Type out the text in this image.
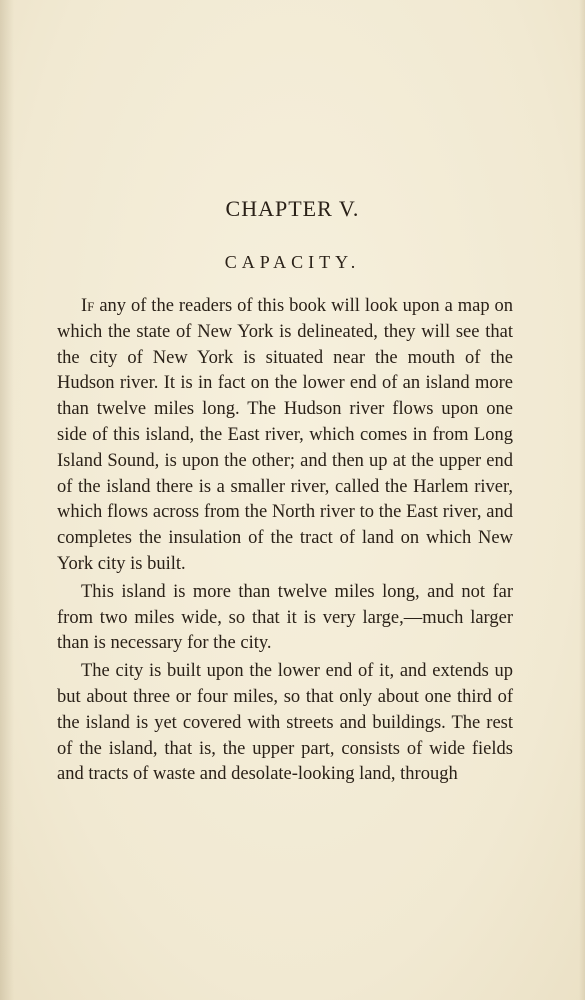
CHAPTER V.
CAPACITY.

If any of the readers of this book will look upon a map on which the state of New York is delineated, they will see that the city of New York is situated near the mouth of the Hudson river. It is in fact on the lower end of an island more than twelve miles long. The Hudson river flows upon one side of this island, the East river, which comes in from Long Island Sound, is upon the other; and then up at the upper end of the island there is a smaller river, called the Harlem river, which flows across from the North river to the East river, and completes the insulation of the tract of land on which New York city is built.

This island is more than twelve miles long, and not far from two miles wide, so that it is very large,—much larger than is necessary for the city.

The city is built upon the lower end of it, and extends up but about three or four miles, so that only about one third of the island is yet covered with streets and buildings. The rest of the island, that is, the upper part, consists of wide fields and tracts of waste and desolate-looking land, through
